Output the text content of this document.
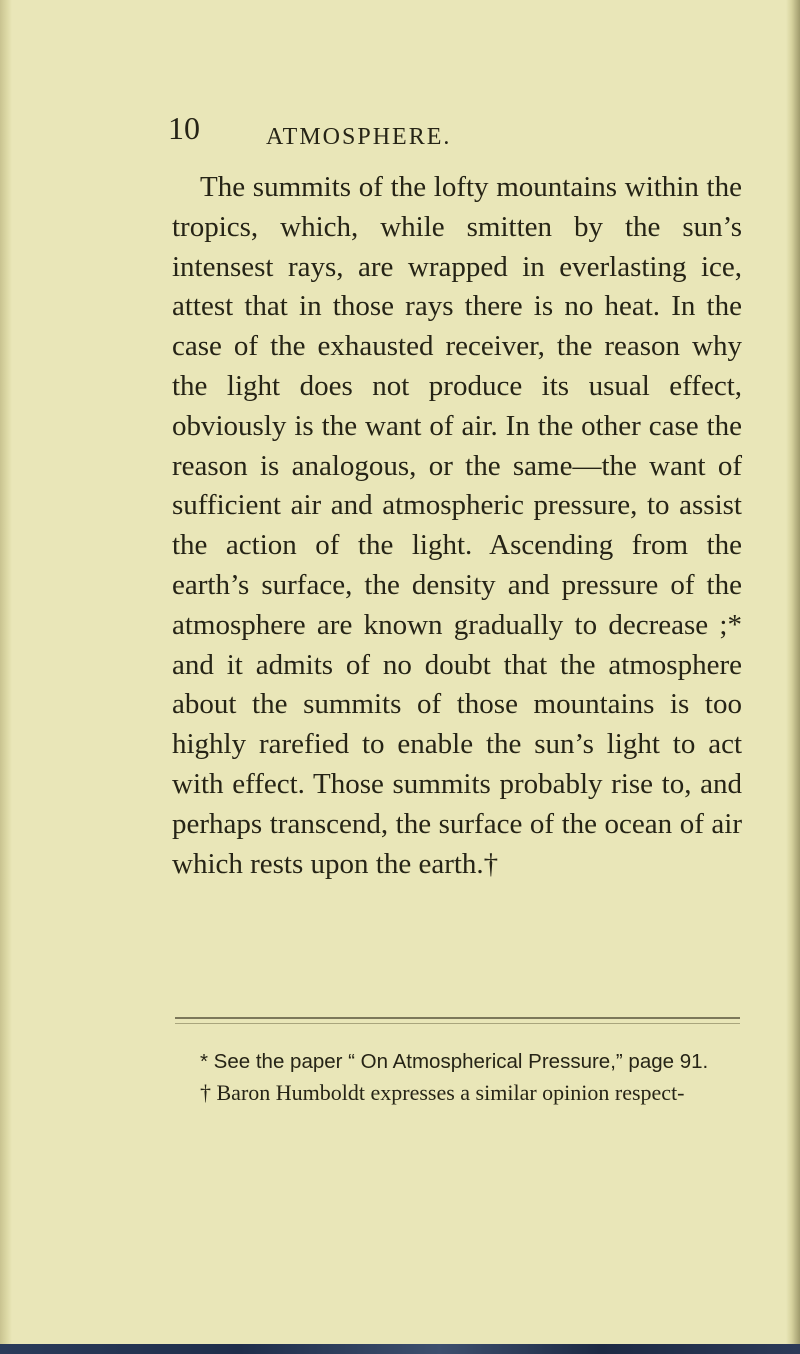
10	ATMOSPHERE.

The summits of the lofty mountains within the tropics, which, while smitten by the sun’s intensest rays, are wrapped in everlasting ice, attest that in those rays there is no heat. In the case of the exhausted receiver, the reason why the light does not produce its usual effect, obviously is the want of air. In the other case the reason is analogous, or the same—the want of sufficient air and atmospheric pressure, to assist the action of the light. Ascending from the earth’s surface, the density and pressure of the atmosphere are known gradually to decrease ;* and it admits of no doubt that the atmosphere about the summits of those mountains is too highly rarefied to enable the sun’s light to act with effect. Those summits probably rise to, and perhaps transcend, the surface of the ocean of air which rests upon the earth.†

* See the paper “ On Atmospherical Pressure,” page 91.

† Baron Humboldt expresses a similar opinion respect-
